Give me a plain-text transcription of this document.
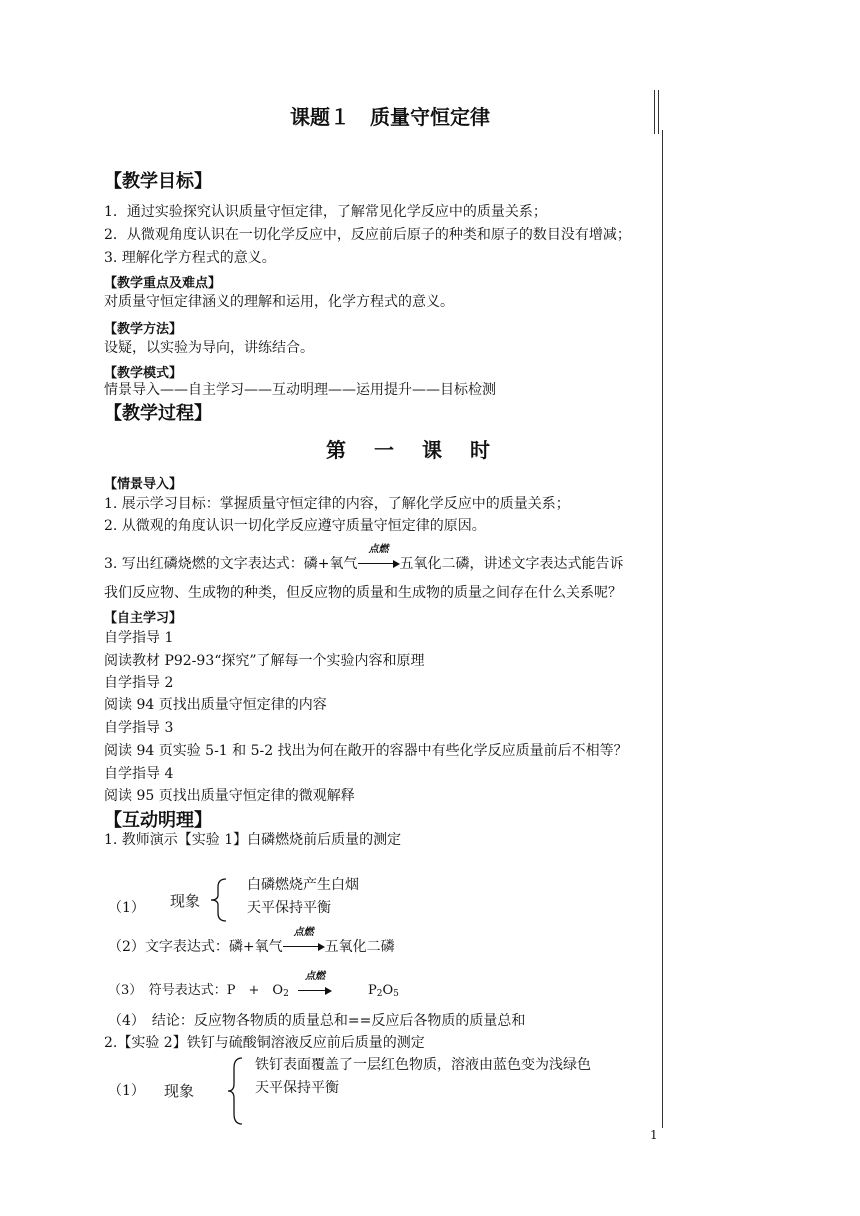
课题１　质量守恒定律
【教学目标】
1．通过实验探究认识质量守恒定律，了解常见化学反应中的质量关系；
2．从微观角度认识在一切化学反应中，反应前后原子的种类和原子的数目没有增减；
3. 理解化学方程式的意义。
【教学重点及难点】
对质量守恒定律涵义的理解和运用，化学方程式的意义。
【教学方法】
设疑，以实验为导向，讲练结合。
【教学模式】
情景导入——自主学习——互动明理——运用提升——目标检测
【教学过程】
第一课时
【情景导入】
1. 展示学习目标：掌握质量守恒定律的内容，了解化学反应中的质量关系；
2. 从微观的角度认识一切化学反应遵守质量守恒定律的原因。
3. 写出红磷烧燃的文字表达式：磷+氧气
点燃
五氧化二磷，讲述文字表达式能告诉
我们反应物、生成物的种类，但反应物的质量和生成物的质量之间存在什么关系呢？
【自主学习】
自学指导 1
阅读教材 P92-93“探究”了解每一个实验内容和原理
自学指导 2
阅读 94 页找出质量守恒定律的内容
自学指导 3
阅读 94 页实验 5-1 和 5-2 找出为何在敞开的容器中有些化学反应质量前后不相等？
自学指导 4
阅读 95 页找出质量守恒定律的微观解释
【互动明理】
1. 教师演示【实验 1】白磷燃烧前后质量的测定
（1） 现象
白磷燃烧产生白烟
天平保持平衡
（2）文字表达式：磷+氧气
点燃
五氧化二磷
（3）　符号表达式：P　+　$O_2$
点燃
$P_2O_5$
（4）　结论：反应物各物质的质量总和==反应后各物质的质量总和
2.【实验 2】铁钉与硫酸铜溶液反应前后质量的测定
（1） 现象
铁钉表面覆盖了一层红色物质，溶液由蓝色变为浅绿色
天平保持平衡
1
